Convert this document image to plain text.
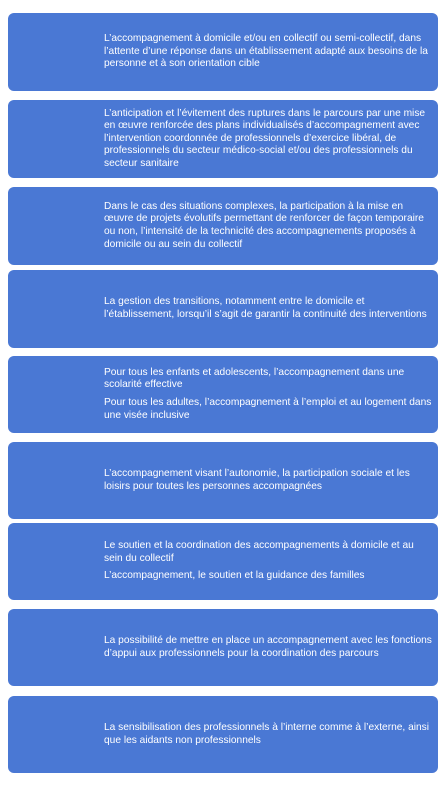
L’accompagnement à domicile et/ou en collectif ou semi-collectif, dans l’attente d’une réponse dans un établissement adapté aux besoins de la personne et à son orientation cible

L’anticipation et l’évitement des ruptures dans le parcours par une mise en œuvre renforcée des plans individualisés d’accompagnement avec l’intervention coordonnée de professionnels d’exercice libéral, de professionnels du secteur médico-social et/ou des professionnels du secteur sanitaire

Dans le cas des situations complexes, la participation à la mise en œuvre de projets évolutifs permettant de renforcer de façon temporaire ou non, l’intensité de la technicité des accompagnements proposés à domicile ou au sein du collectif

La gestion des transitions, notamment entre le domicile et l’établissement, lorsqu’il s’agit de garantir la continuité des interventions

Pour tous les enfants et adolescents, l’accompagnement dans une scolarité effective

Pour tous les adultes, l’accompagnement à l’emploi et au logement dans une visée inclusive

L’accompagnement visant l’autonomie, la participation sociale et les loisirs pour toutes les personnes accompagnées

Le soutien et la coordination des accompagnements à domicile et au sein du collectif

L’accompagnement, le soutien et la guidance des familles

La possibilité de mettre en place un accompagnement avec les fonctions d’appui aux professionnels pour la coordination des parcours

La sensibilisation des professionnels à l’interne comme à l’externe, ainsi que les aidants non professionnels
